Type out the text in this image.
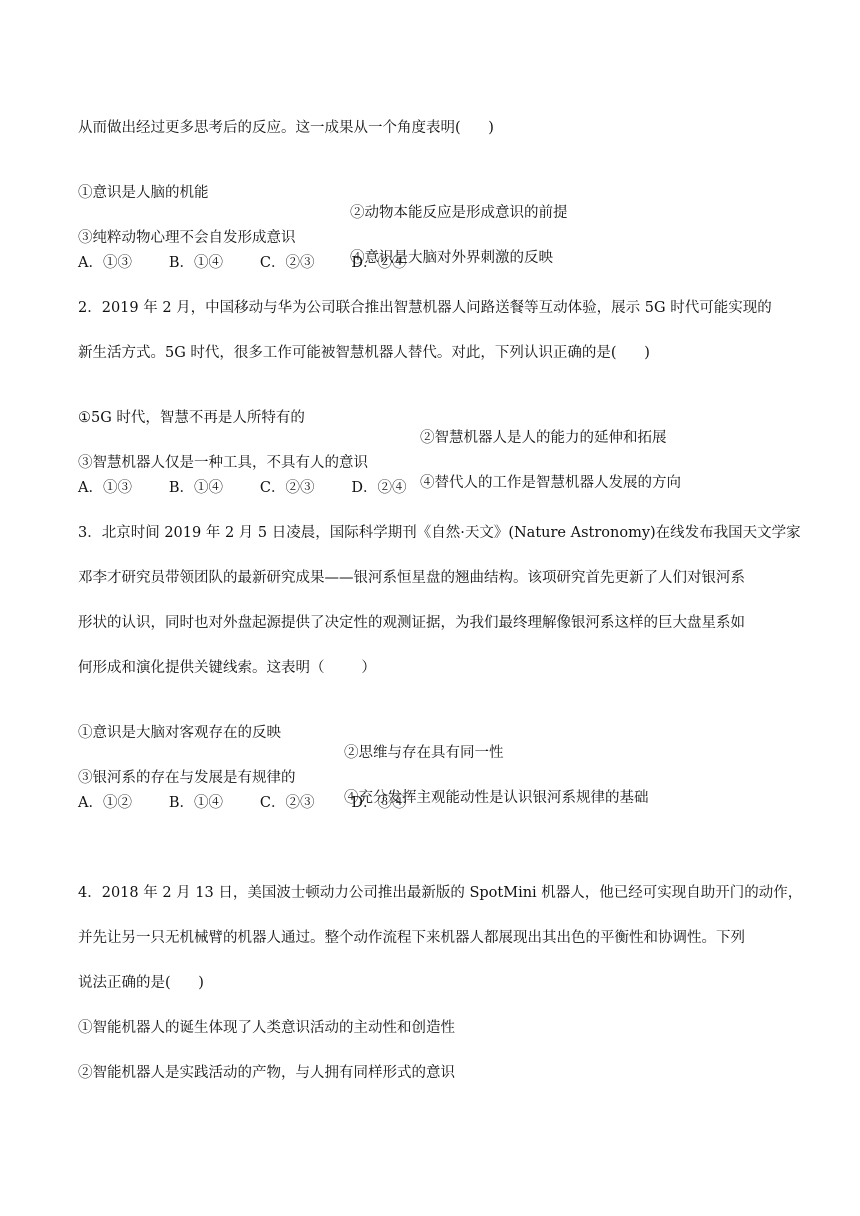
从而做出经过更多思考后的反应。这一成果从一个角度表明(      )

①意识是人脑的机能

②动物本能反应是形成意识的前提

③纯粹动物心理不会自发形成意识

④意识是大脑对外界刺激的反映

A．①③        B．①④        C．②③        D．②④
2．2019 年 2 月，中国移动与华为公司联合推出智慧机器人问路送餐等互动体验，展示 5G 时代可能实现的
新生活方式。5G 时代，很多工作可能被智慧机器人替代。对此，下列认识正确的是(      )

①5G 时代，智慧不再是人所特有的

②智慧机器人是人的能力的延伸和拓展

③智慧机器人仅是一种工具，不具有人的意识

④替代人的工作是智慧机器人发展的方向

A．①③        B．①④        C．②③        D．②④
3．北京时间 2019 年 2 月 5 日凌晨，国际科学期刊《自然·天文》(Nature Astronomy)在线发布我国天文学家
邓李才研究员带领团队的最新研究成果——银河系恒星盘的翘曲结构。该项研究首先更新了人们对银河系
形状的认识，同时也对外盘起源提供了决定性的观测证据，为我们最终理解像银河系这样的巨大盘星系如
何形成和演化提供关键线索。这表明（        ）

①意识是大脑对客观存在的反映

②思维与存在具有同一性

③银河系的存在与发展是有规律的

④充分发挥主观能动性是认识银河系规律的基础

A．①②        B．①④        C．②③        D．③④
4．2018 年 2 月 13 日，美国波士顿动力公司推出最新版的 SpotMini 机器人，他已经可实现自助开门的动作，
并先让另一只无机械臂的机器人通过。整个动作流程下来机器人都展现出其出色的平衡性和协调性。下列
说法正确的是(      )
①智能机器人的诞生体现了人类意识活动的主动性和创造性
②智能机器人是实践活动的产物，与人拥有同样形式的意识
